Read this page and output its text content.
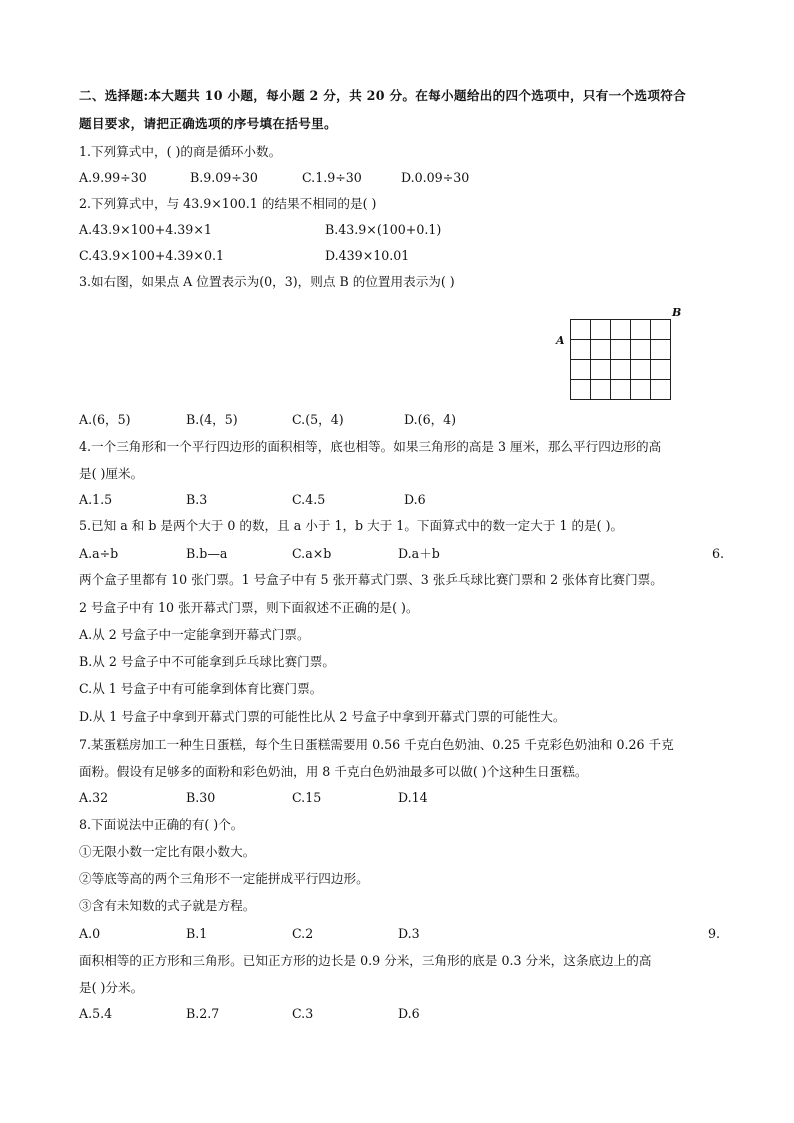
二、选择题:本大题共 10 小题，每小题 2 分，共 20 分。在每小题给出的四个选项中，只有一个选项符合
题目要求，请把正确选项的序号填在括号里。
1.下列算式中，( )的商是循环小数。
A.9.99÷30	B.9.09÷30	C.1.9÷30	D.0.09÷30
2.下列算式中，与 43.9×100.1 的结果不相同的是( )
A.43.9×100+4.39×1	B.43.9×(100+0.1)
C.43.9×100+4.39×0.1	D.439×10.01
3.如右图，如果点 A 位置表示为(0，3)，则点 B 的位置用表示为( )
A
B
A.(6，5)	B.(4，5)	C.(5，4)	D.(6，4)
4.一个三角形和一个平行四边形的面积相等，底也相等。如果三角形的高是 3 厘米，那么平行四边形的高
是( )厘米。
A.1.5	B.3	C.4.5	D.6
5.已知 a 和 b 是两个大于 0 的数，且 a 小于 1，b 大于 1。下面算式中的数一定大于 1 的是( )。
A.a÷b	B.b—a	C.a×b	D.a＋b	6.
两个盒子里都有 10 张门票。1 号盒子中有 5 张开幕式门票、3 张乒乓球比赛门票和 2 张体育比赛门票。
2 号盒子中有 10 张开幕式门票，则下面叙述不正确的是( )。
A.从 2 号盒子中一定能拿到开幕式门票。
B.从 2 号盒子中不可能拿到乒乓球比赛门票。
C.从 1 号盒子中有可能拿到体育比赛门票。
D.从 1 号盒子中拿到开幕式门票的可能性比从 2 号盒子中拿到开幕式门票的可能性大。
7.某蛋糕房加工一种生日蛋糕，每个生日蛋糕需要用 0.56 千克白色奶油、0.25 千克彩色奶油和 0.26 千克
面粉。假设有足够多的面粉和彩色奶油，用 8 千克白色奶油最多可以做( )个这种生日蛋糕。
A.32	B.30	C.15	D.14
8.下面说法中正确的有( )个。
①无限小数一定比有限小数大。
②等底等高的两个三角形不一定能拼成平行四边形。
③含有未知数的式子就是方程。
A.0	B.1	C.2	D.3	9.
面积相等的正方形和三角形。已知正方形的边长是 0.9 分米，三角形的底是 0.3 分米，这条底边上的高
是( )分米。
A.5.4	B.2.7	C.3	D.6
